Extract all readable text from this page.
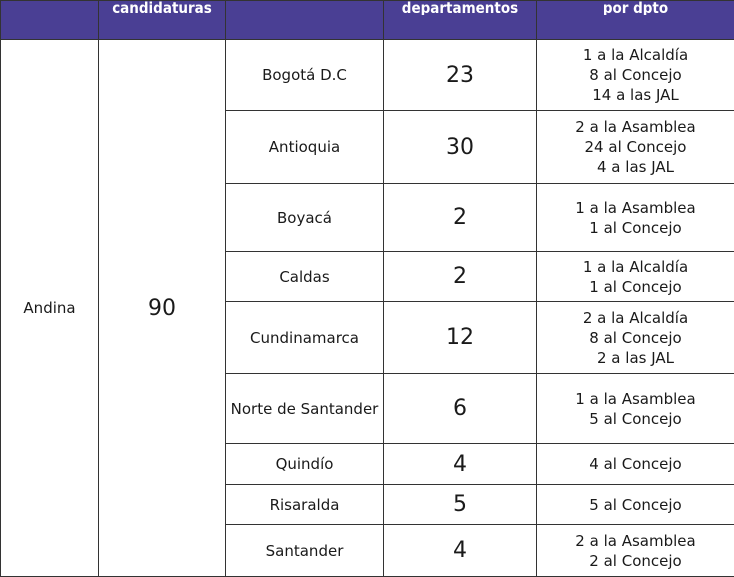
	candidaturas		departamentos	por dpto

Andina	90	Bogotá D.C	23	1 a la Alcaldía
8 al Concejo
14 a las JAL

		Antioquia	30	2 a la Asamblea
24 al Concejo
4 a las JAL

		Boyacá	2	1 a la Asamblea
1 al Concejo

		Caldas	2	1 a la Alcaldía
1 al Concejo

		Cundinamarca	12	2 a la Alcaldía
8 al Concejo
2 a las JAL

		Norte de Santander	6	1 a la Asamblea
5 al Concejo

		Quindío	4	4 al Concejo

		Risaralda	5	5 al Concejo

		Santander	4	2 a la Asamblea
2 al Concejo
